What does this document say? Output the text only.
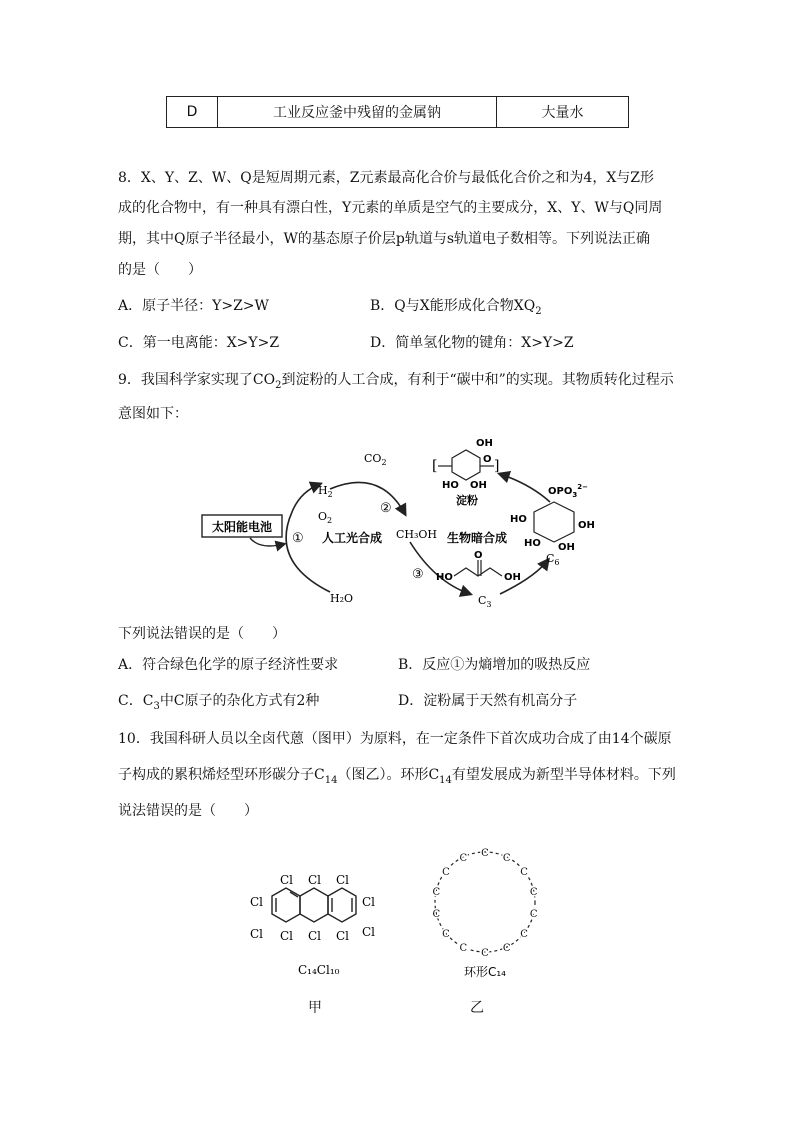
D	工业反应釜中残留的金属钠	大量水
8．X、Y、Z、W、Q是短周期元素，Z元素最高化合价与最低化合价之和为4，X与Z形
成的化合物中，有一种具有漂白性，Y元素的单质是空气的主要成分，X、Y、W与Q同周
期，其中Q原子半径最小，W的基态原子价层p轨道与s轨道电子数相等。下列说法正确
的是（　　）
A．原子半径：Y>Z>W	B．Q与X能形成化合物$XQ_2$
C．第一电离能：X>Y>Z	D．简单氢化物的键角：X>Y>Z
9．我国科学家实现了$CO_2$到淀粉的人工合成，有利于“碳中和”的实现。其物质转化过程示
意图如下：
太阳能电池
$H_2$
$O_2$
$CO_2$
②
① 人工光合成 CH₃OH 生物暗合成
H₂O
③ HO
O
OH
$C_3$
$OPO_3^{2-}$
HO
OH
HO OH
$C_6$
[	]
OH
O
HO OH
淀粉
下列说法错误的是（　　）
A．符合绿色化学的原子经济性要求	B．反应①为熵增加的吸热反应
C．$C_3$中C原子的杂化方式有2种	D．淀粉属于天然有机高分子
10．我国科研人员以全卤代蒽（图甲）为原料，在一定条件下首次成功合成了由14个碳原
子构成的累积烯烃型环形碳分子$C_{14}$（图乙）。环形$C_{14}$有望发展成为新型半导体材料。下列
说法错误的是（　　）
Cl Cl Cl
Cl	Cl
Cl	Cl
Cl Cl Cl
C₁₄Cl₁₀
C C
C
C
C
C
C
C
C
C
C
C
C
C
环形C₁₄
甲	乙
